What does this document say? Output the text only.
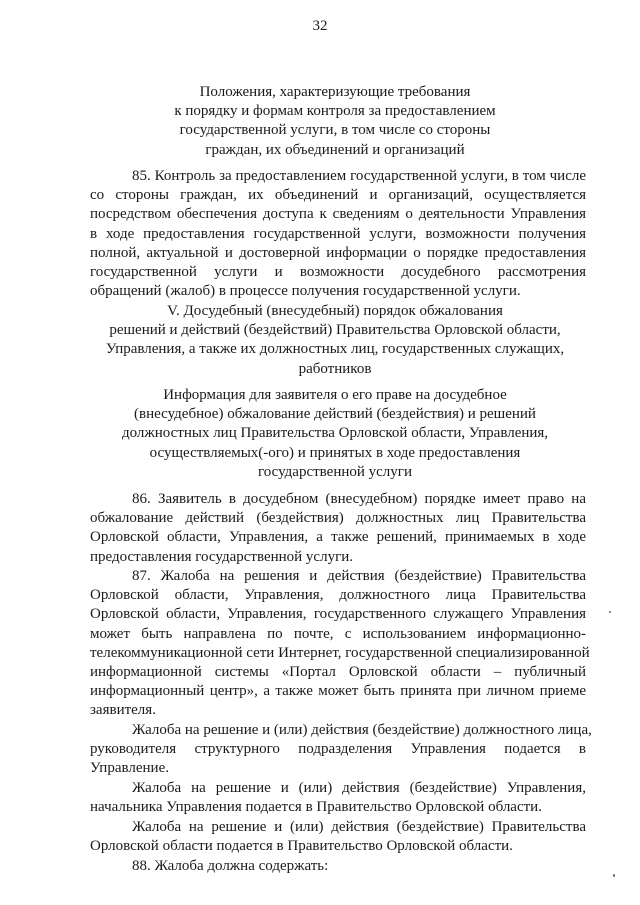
32
Положения, характеризующие требования
к порядку и формам контроля за предоставлением
государственной услуги, в том числе со стороны
граждан, их объединений и организаций
85. Контроль за предоставлением государственной услуги, в том числе
со стороны граждан, их объединений и организаций, осуществляется
посредством обеспечения доступа к сведениям о деятельности Управления
в ходе предоставления государственной услуги, возможности получения
полной, актуальной и достоверной информации о порядке предоставления
государственной услуги и возможности досудебного рассмотрения
обращений (жалоб) в процессе получения государственной услуги.
V. Досудебный (внесудебный) порядок обжалования
решений и действий (бездействий) Правительства Орловской области,
Управления, а также их должностных лиц, государственных служащих,
работников
Информация для заявителя о его праве на досудебное
(внесудебное) обжалование действий (бездействия) и решений
должностных лиц Правительства Орловской области, Управления,
осуществляемых(-ого) и принятых в ходе предоставления
государственной услуги
86. Заявитель в досудебном (внесудебном) порядке имеет право на
обжалование действий (бездействия) должностных лиц Правительства
Орловской области, Управления, а также решений, принимаемых в ходе
предоставления государственной услуги.
87. Жалоба на решения и действия (бездействие) Правительства
Орловской области, Управления, должностного лица Правительства
Орловской области, Управления, государственного служащего Управления
может быть направлена по почте, с использованием информационно-
телекоммуникационной сети Интернет, государственной специализированной
информационной системы «Портал Орловской области – публичный
информационный центр», а также может быть принята при личном приеме
заявителя.
Жалоба на решение и (или) действия (бездействие) должностного лица,
руководителя структурного подразделения Управления подается в
Управление.
Жалоба на решение и (или) действия (бездействие) Управления,
начальника Управления подается в Правительство Орловской области.
Жалоба на решение и (или) действия (бездействие) Правительства
Орловской области подается в Правительство Орловской области.
88. Жалоба должна содержать:
